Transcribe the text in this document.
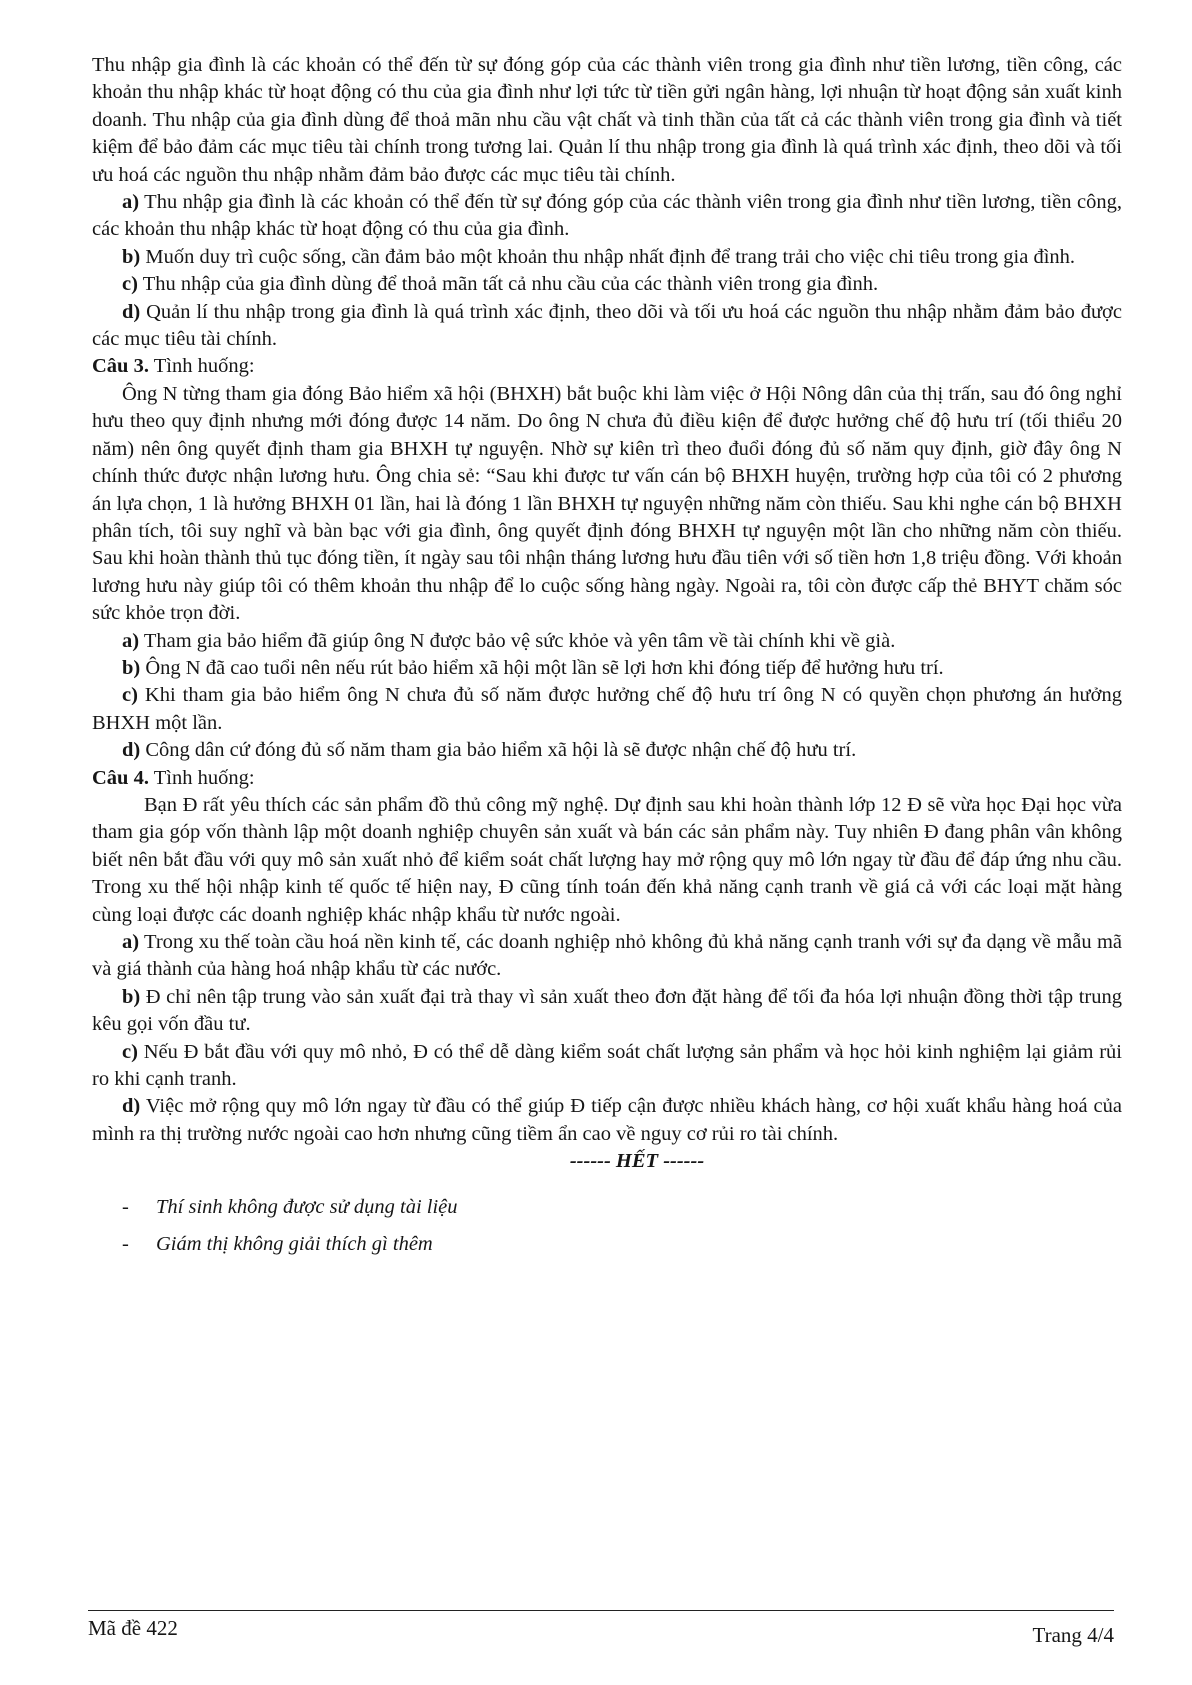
Thu nhập gia đình là các khoản có thể đến từ sự đóng góp của các thành viên trong gia đình như tiền lương, tiền công, các khoản thu nhập khác từ hoạt động có thu của gia đình như lợi tức từ tiền gửi ngân hàng, lợi nhuận từ hoạt động sản xuất kinh doanh. Thu nhập của gia đình dùng để thoả mãn nhu cầu vật chất và tinh thần của tất cả các thành viên trong gia đình và tiết kiệm để bảo đảm các mục tiêu tài chính trong tương lai. Quản lí thu nhập trong gia đình là quá trình xác định, theo dõi và tối ưu hoá các nguồn thu nhập nhằm đảm bảo được các mục tiêu tài chính.

a) Thu nhập gia đình là các khoản có thể đến từ sự đóng góp của các thành viên trong gia đình như tiền lương, tiền công, các khoản thu nhập khác từ hoạt động có thu của gia đình.

b) Muốn duy trì cuộc sống, cần đảm bảo một khoản thu nhập nhất định để trang trải cho việc chi tiêu trong gia đình.

c) Thu nhập của gia đình dùng để thoả mãn tất cả nhu cầu của các thành viên trong gia đình.

d) Quản lí thu nhập trong gia đình là quá trình xác định, theo dõi và tối ưu hoá các nguồn thu nhập nhằm đảm bảo được các mục tiêu tài chính.

Câu 3. Tình huống:

Ông N từng tham gia đóng Bảo hiểm xã hội (BHXH) bắt buộc khi làm việc ở Hội Nông dân của thị trấn, sau đó ông nghỉ hưu theo quy định nhưng mới đóng được 14 năm. Do ông N chưa đủ điều kiện để được hưởng chế độ hưu trí (tối thiểu 20 năm) nên ông quyết định tham gia BHXH tự nguyện. Nhờ sự kiên trì theo đuổi đóng đủ số năm quy định, giờ đây ông N chính thức được nhận lương hưu. Ông chia sẻ: “Sau khi được tư vấn cán bộ BHXH huyện, trường hợp của tôi có 2 phương án lựa chọn, 1 là hưởng BHXH 01 lần, hai là đóng 1 lần BHXH tự nguyện những năm còn thiếu. Sau khi nghe cán bộ BHXH phân tích, tôi suy nghĩ và bàn bạc với gia đình, ông quyết định đóng BHXH tự nguyện một lần cho những năm còn thiếu. Sau khi hoàn thành thủ tục đóng tiền, ít ngày sau tôi nhận tháng lương hưu đầu tiên với số tiền hơn 1,8 triệu đồng. Với khoản lương hưu này giúp tôi có thêm khoản thu nhập để lo cuộc sống hàng ngày. Ngoài ra, tôi còn được cấp thẻ BHYT chăm sóc sức khỏe trọn đời.

a) Tham gia bảo hiểm đã giúp ông N được bảo vệ sức khỏe và yên tâm về tài chính khi về già.

b) Ông N đã cao tuổi nên nếu rút bảo hiểm xã hội một lần sẽ lợi hơn khi đóng tiếp để hưởng hưu trí.

c) Khi tham gia bảo hiểm ông N chưa đủ số năm được hưởng chế độ hưu trí ông N có quyền chọn phương án hưởng BHXH một lần.

d) Công dân cứ đóng đủ số năm tham gia bảo hiểm xã hội là sẽ được nhận chế độ hưu trí.

Câu 4. Tình huống:

Bạn Đ rất yêu thích các sản phẩm đồ thủ công mỹ nghệ. Dự định sau khi hoàn thành lớp 12 Đ sẽ vừa học Đại học vừa tham gia góp vốn thành lập một doanh nghiệp chuyên sản xuất và bán các sản phẩm này. Tuy nhiên Đ đang phân vân không biết nên bắt đầu với quy mô sản xuất nhỏ để kiểm soát chất lượng hay mở rộng quy mô lớn ngay từ đầu để đáp ứng nhu cầu. Trong xu thế hội nhập kinh tế quốc tế hiện nay, Đ cũng tính toán đến khả năng cạnh tranh về giá cả với các loại mặt hàng cùng loại được các doanh nghiệp khác nhập khẩu từ nước ngoài.

a) Trong xu thế toàn cầu hoá nền kinh tế, các doanh nghiệp nhỏ không đủ khả năng cạnh tranh với sự đa dạng về mẫu mã và giá thành của hàng hoá nhập khẩu từ các nước.

b) Đ chỉ nên tập trung vào sản xuất đại trà thay vì sản xuất theo đơn đặt hàng để tối đa hóa lợi nhuận đồng thời tập trung kêu gọi vốn đầu tư.

c) Nếu Đ bắt đầu với quy mô nhỏ, Đ có thể dễ dàng kiểm soát chất lượng sản phẩm và học hỏi kinh nghiệm lại giảm rủi ro khi cạnh tranh.

d) Việc mở rộng quy mô lớn ngay từ đầu có thể giúp Đ tiếp cận được nhiều khách hàng, cơ hội xuất khẩu hàng hoá của mình ra thị trường nước ngoài cao hơn nhưng cũng tiềm ẩn cao về nguy cơ rủi ro tài chính.

------ HẾT ------

- Thí sinh không được sử dụng tài liệu
- Giám thị không giải thích gì thêm
Mã đề 422	Trang 4/4
